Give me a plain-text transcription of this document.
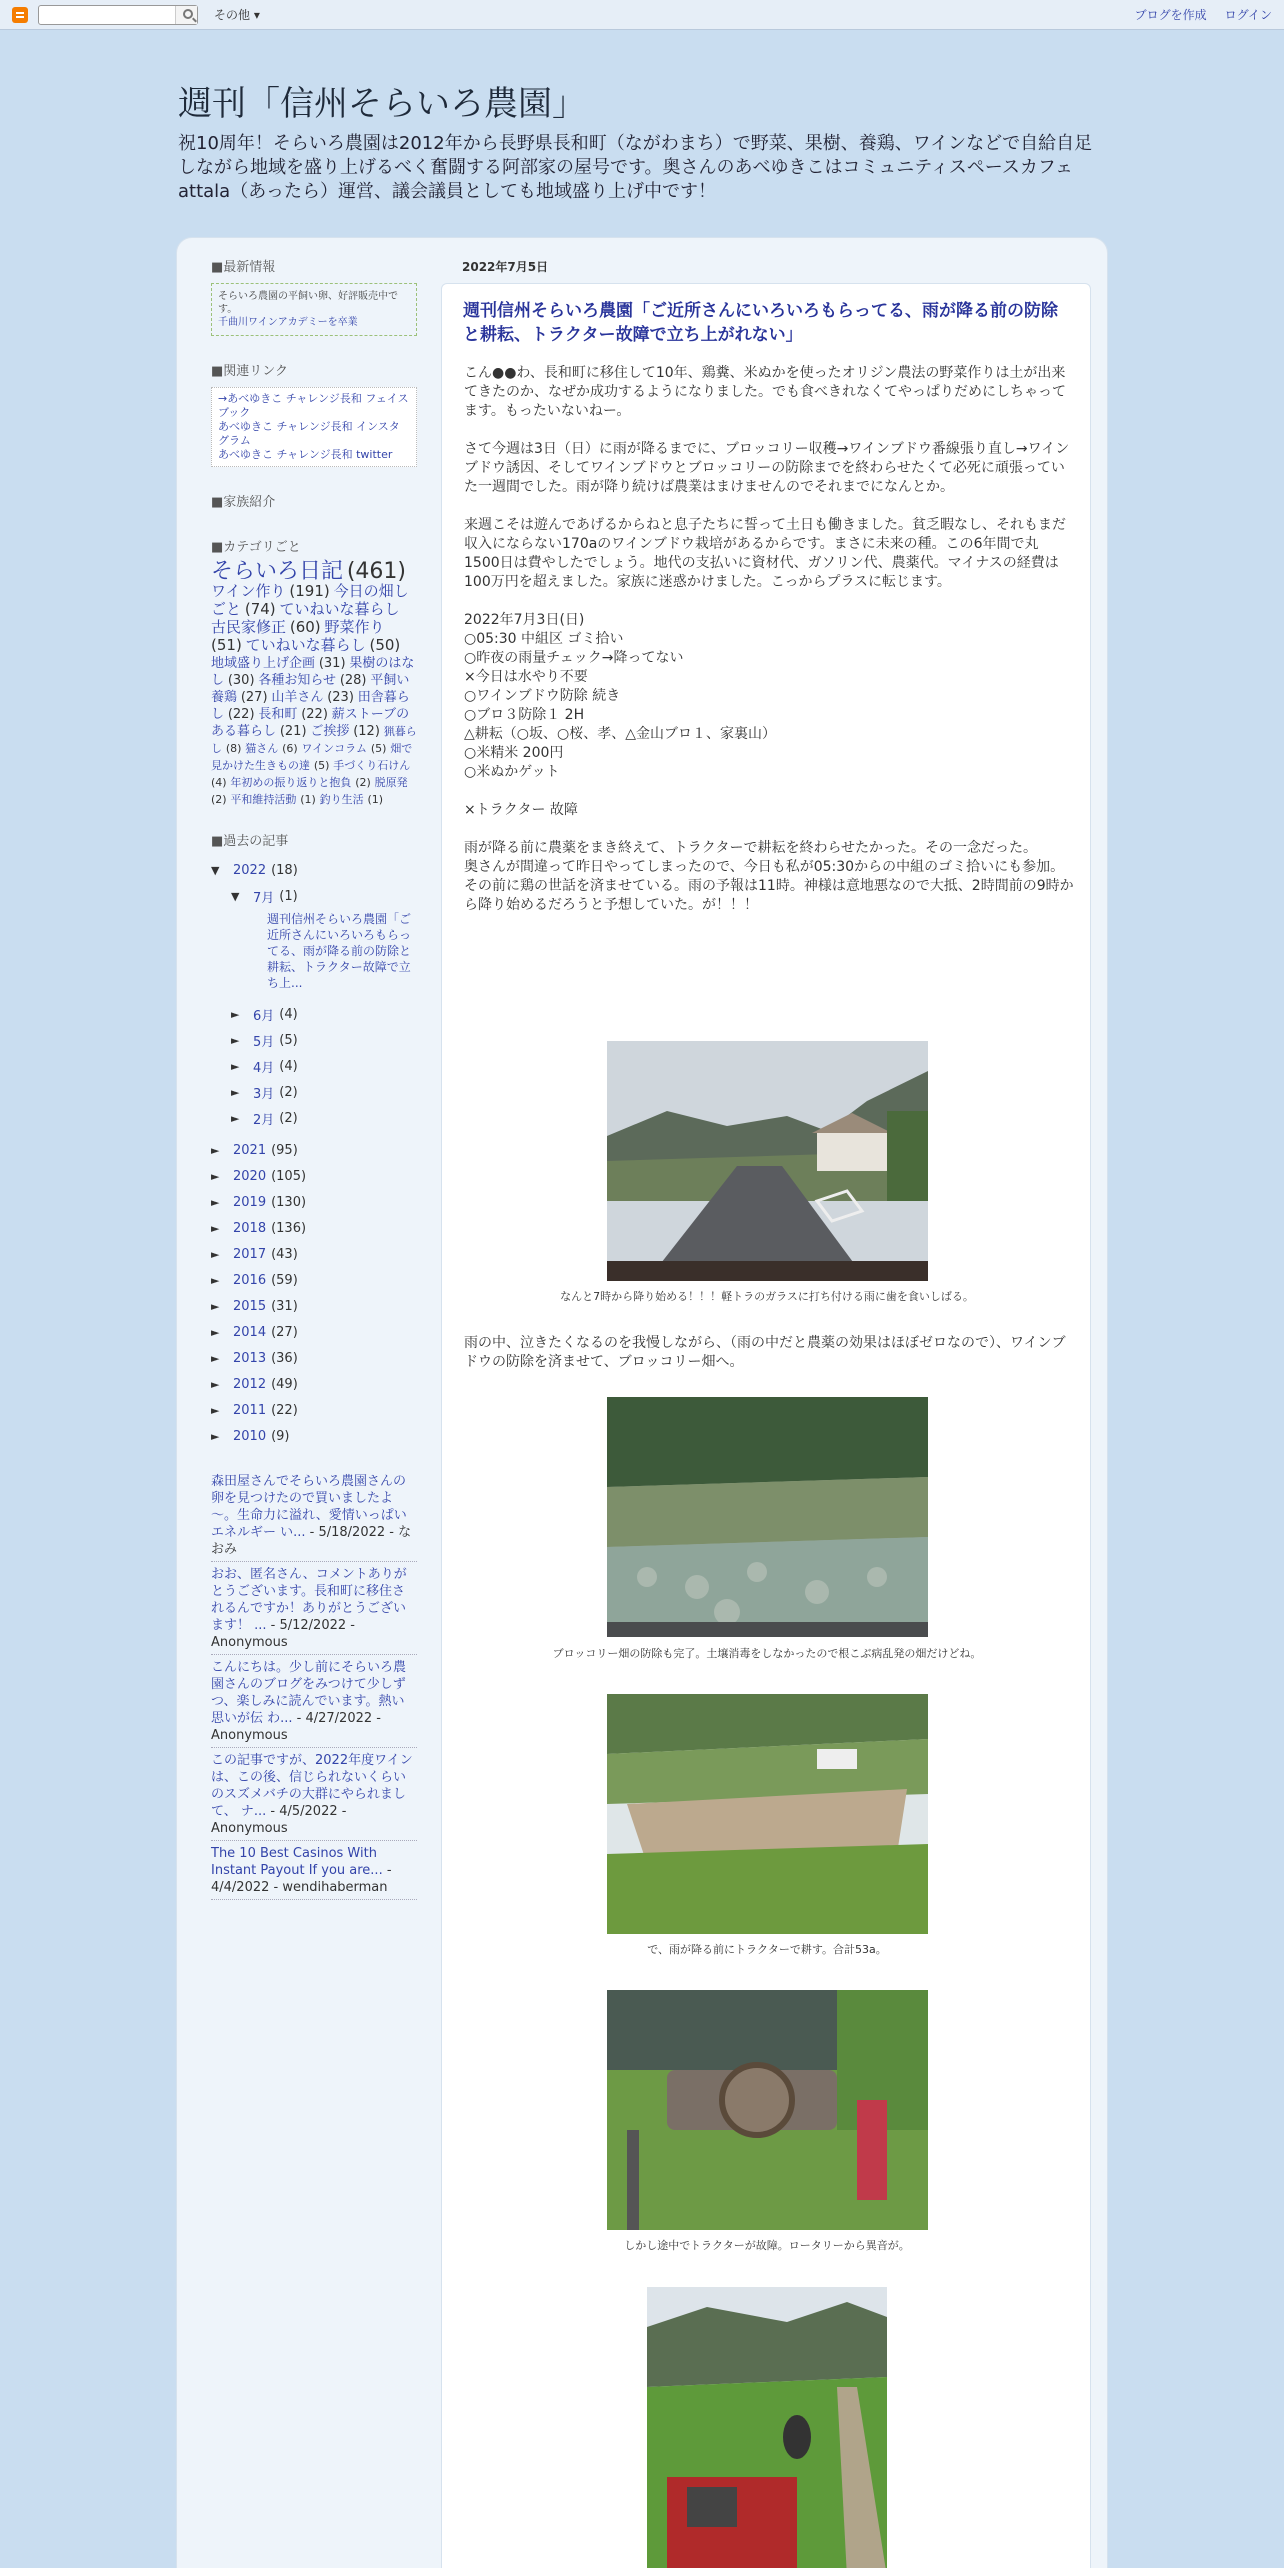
その他 ▾	ブログを作成 ログイン
週刊「信州そらいろ農園」
祝10周年！そらいろ農園は2012年から長野県長和町（ながわまち）で野菜、果樹、養鶏、ワインなどで自給自足しながら地域を盛り上げるべく奮闘する阿部家の屋号です。奥さんのあべゆきこはコミュニティスペースカフェattala（あったら）運営、議会議員としても地域盛り上げ中です！
■最新情報
そらいろ農園の平飼い卵、好評販売中です。
千曲川ワインアカデミーを卒業
■関連リンク
→あべゆきこ チャレンジ長和 フェイスブック
あべゆきこ チャレンジ長和 インスタグラム
あべゆきこ チャレンジ長和 twitter
■家族紹介
■カテゴリごと
そらいろ日記 (461) ワイン作り (191) 今日の畑しごと (74) ていねいな暮らし 古民家修正 (60) 野菜作り (51) ていねいな暮らし (50) 地域盛り上げ企画 (31) 果樹のはなし (30) 各種お知らせ (28) 平飼い養鶏 (27) 山羊さん (23) 田舎暮らし (22) 長和町 (22) 薪ストーブのある暮らし (21) ご挨拶 (12) 猟暮らし (8) 猫さん (6) ワインコラム (5) 畑で見かけた生きもの達 (5) 手づくり石けん (4) 年初めの振り返りと抱負 (2) 脱原発 (2) 平和維持活動 (1) 釣り生活 (1)
■過去の記事
▼	2022 (18)
▼	7月 (1)
週刊信州そらいろ農園「ご近所さんにいろいろもらってる、雨が降る前の防除と耕耘、トラクター故障で立ち上...
►	6月 (4)
►	5月 (5)
►	4月 (4)
►	3月 (2)
►	2月 (2)
►	2021 (95)
►	2020 (105)
►	2019 (130)
►	2018 (136)
►	2017 (43)
►	2016 (59)
►	2015 (31)
►	2014 (27)
►	2013 (36)
►	2012 (49)
►	2011 (22)
►	2010 (9)
森田屋さんでそらいろ農園さんの卵を見つけたので買いましたよ～。生命力に溢れ、愛情いっぱいエネルギー い... - 5/18/2022 - なおみ
おお、匿名さん、コメントありがとうございます。長和町に移住されるんですか！ありがとうございます！ ... - 5/12/2022 - Anonymous
こんにちは。少し前にそらいろ農園さんのブログをみつけて少しずつ、楽しみに読んでいます。熱い思いが伝 わ... - 4/27/2022 - Anonymous
この記事ですが、2022年度ワインは、この後、信じられないくらいのスズメバチの大群にやられまして、 ナ... - 4/5/2022 - Anonymous
The 10 Best Casinos With Instant Payout If you are... - 4/4/2022 - wendihaberman
2022年7月5日
週刊信州そらいろ農園「ご近所さんにいろいろもらってる、雨が降る前の防除と耕耘、トラクター故障で立ち上がれない」

こん●●わ、長和町に移住して10年、鶏糞、米ぬかを使ったオリジン農法の野菜作りは土が出来てきたのか、なぜか成功するようになりました。でも食べきれなくてやっぱりだめにしちゃってます。もったいないねー。

さて今週は3日（日）に雨が降るまでに、ブロッコリー収穫→ワインブドウ番線張り直し→ワインブドウ誘因、そしてワインブドウとブロッコリーの防除までを終わらせたくて必死に頑張っていた一週間でした。雨が降り続けば農業はまけませんのでそれまでになんとか。

来週こそは遊んであげるからねと息子たちに誓って土日も働きました。貧乏暇なし、それもまだ収入にならない170aのワインブドウ栽培があるからです。まさに未来の種。この6年間で丸1500日は費やしたでしょう。地代の支払いに資材代、ガソリン代、農薬代。マイナスの経費は100万円を超えました。家族に迷惑かけました。こっからプラスに転じます。

2022年7月3日(日)
○05:30 中組区 ゴミ拾い
○昨夜の雨量チェック→降ってない
×今日は水やり不要
○ワインブドウ防除 続き
○ブロ３防除１ 2H
△耕耘（○坂、○桜、孝、△金山ブロ１、家裏山）
○米精米 200円
○米ぬかゲット

×トラクター 故障

雨が降る前に農薬をまき終えて、トラクターで耕耘を終わらせたかった。その一念だった。

奥さんが間違って昨日やってしまったので、今日も私が05:30からの中組のゴミ拾いにも参加。その前に鶏の世話を済ませている。雨の予報は11時。神様は意地悪なので大抵、2時間前の9時から降り始めるだろうと予想していた。が！！！

なんと7時から降り始める！！！軽トラのガラスに打ち付ける雨に歯を食いしばる。
雨の中、泣きたくなるのを我慢しながら、（雨の中だと農薬の効果はほぼゼロなので）、ワインブドウの防除を済ませて、ブロッコリー畑へ。
ブロッコリー畑の防除も完了。土壌消毒をしなかったので根こぶ病乱発の畑だけどね。
で、雨が降る前にトラクターで耕す。合計53a。
しかし途中でトラクターが故障。ロータリーから異音が。
